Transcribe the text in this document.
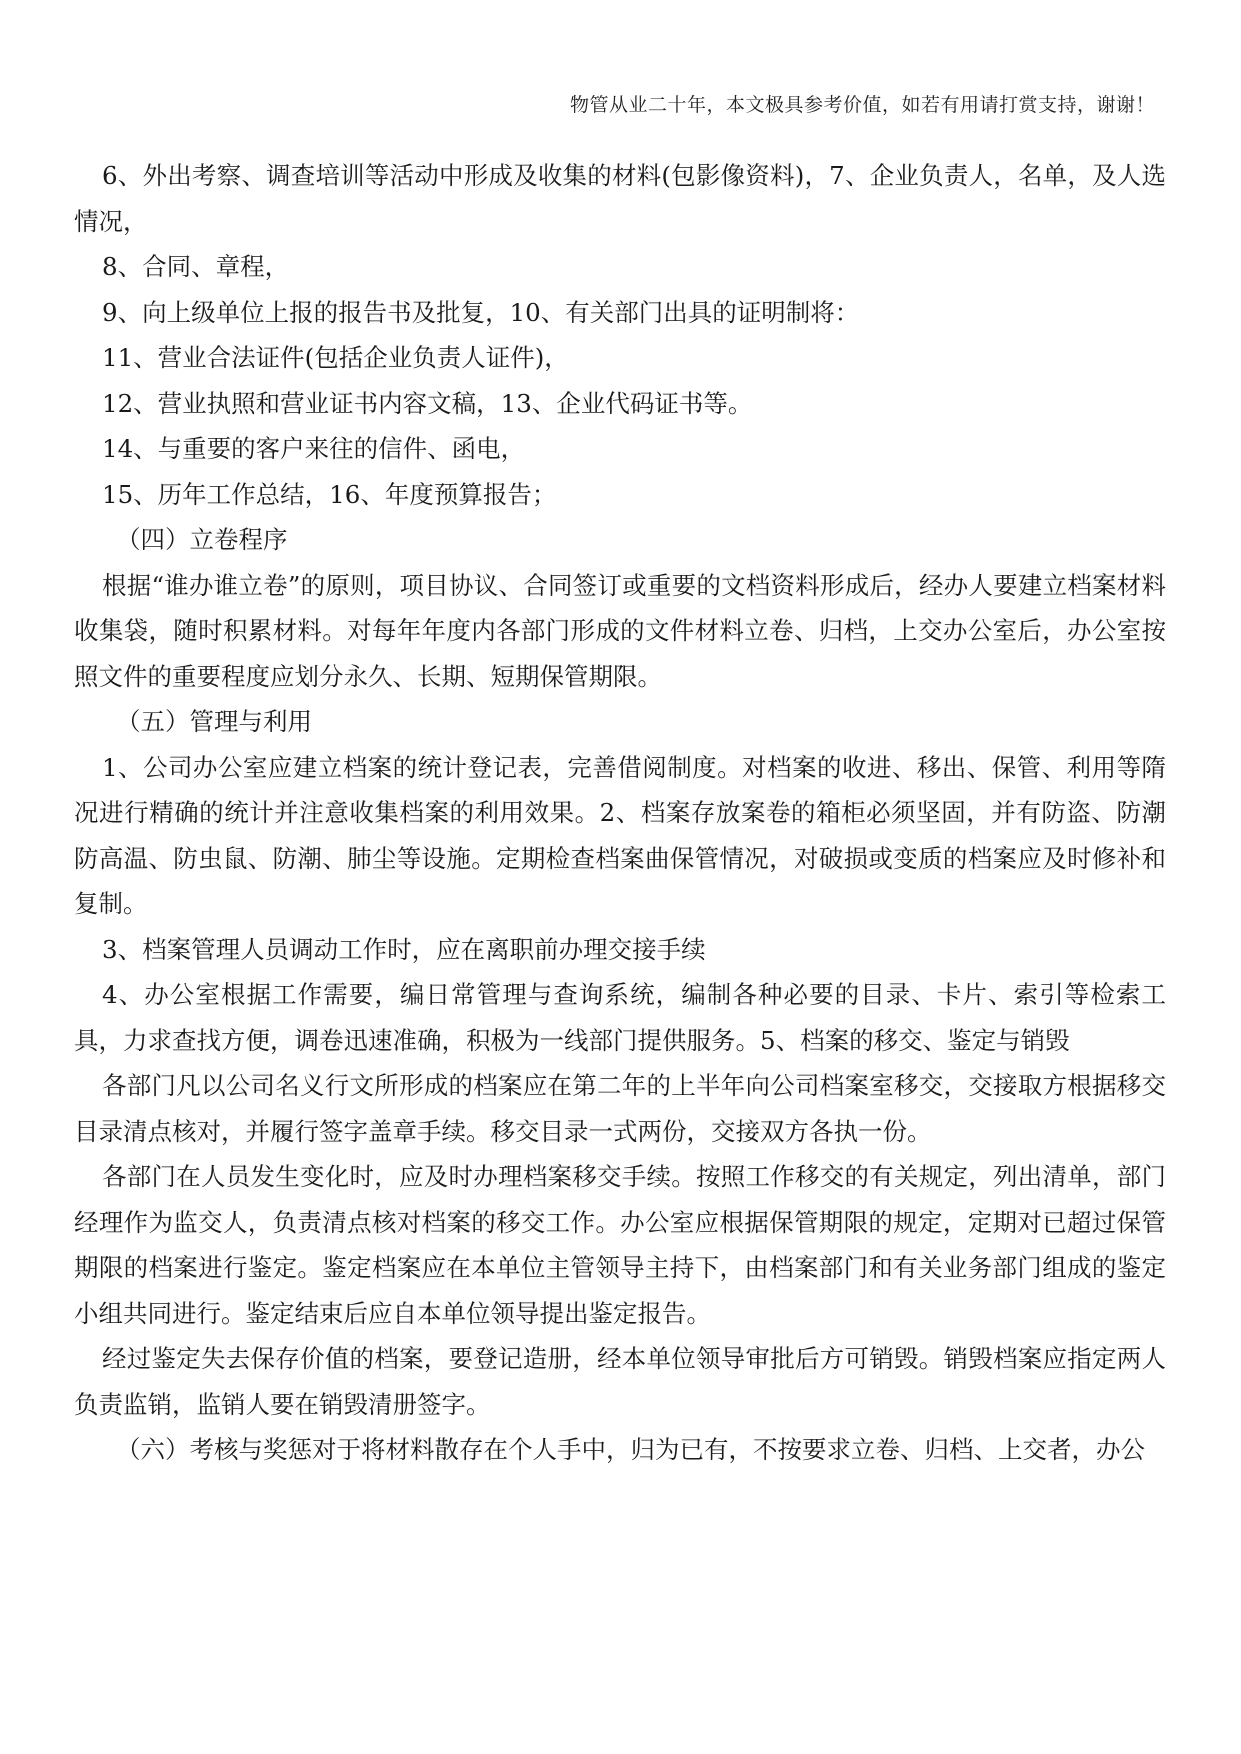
物管从业二十年，本文极具参考价值，如若有用请打赏支持，谢谢！

6、外出考察、调查培训等活动中形成及收集的材料(包影像资料)，7、企业负责人，名单，及人选情况，

8、合同、章程，

9、向上级单位上报的报告书及批复，10、有关部门出具的证明制将：

11、营业合法证件(包括企业负责人证件)，

12、营业执照和营业证书内容文稿，13、企业代码证书等。

14、与重要的客户来往的信件、函电，

15、历年工作总结，16、年度预算报告；

（四）立卷程序

根据“谁办谁立卷”的原则，项目协议、合同签订或重要的文档资料形成后，经办人要建立档案材料收集袋，随时积累材料。对每年年度内各部门形成的文件材料立卷、归档，上交办公室后，办公室按照文件的重要程度应划分永久、长期、短期保管期限。

（五）管理与利用

1、公司办公室应建立档案的统计登记表，完善借阅制度。对档案的收进、移出、保管、利用等隋况进行精确的统计并注意收集档案的利用效果。2、档案存放案卷的箱柜必须坚固，并有防盗、防潮防高温、防虫鼠、防潮、肺尘等设施。定期检查档案曲保管情况，对破损或变质的档案应及时修补和复制。

3、档案管理人员调动工作时，应在离职前办理交接手续

4、办公室根据工作需要，编日常管理与查询系统，编制各种必要的目录、卡片、索引等检索工具，力求查找方便，调卷迅速准确，积极为一线部门提供服务。5、档案的移交、鉴定与销毁

各部门凡以公司名义行文所形成的档案应在第二年的上半年向公司档案室移交，交接取方根据移交目录清点核对，并履行签字盖章手续。移交目录一式两份，交接双方各执一份。

各部门在人员发生变化时，应及时办理档案移交手续。按照工作移交的有关规定，列出清单，部门经理作为监交人，负责清点核对档案的移交工作。办公室应根据保管期限的规定，定期对已超过保管期限的档案进行鉴定。鉴定档案应在本单位主管领导主持下，由档案部门和有关业务部门组成的鉴定小组共同进行。鉴定结束后应自本单位领导提出鉴定报告。

经过鉴定失去保存价值的档案，要登记造册，经本单位领导审批后方可销毁。销毁档案应指定两人负责监销，监销人要在销毁清册签字。

（六）考核与奖惩对于将材料散存在个人手中，归为已有，不按要求立卷、归档、上交者，办公
